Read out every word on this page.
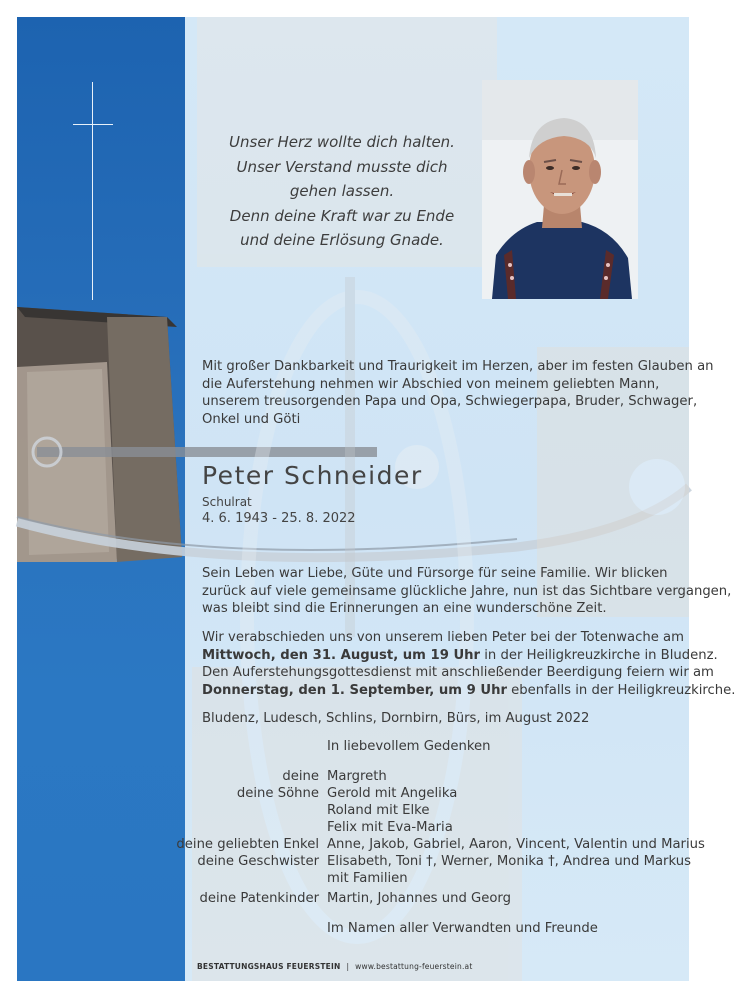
Unser Herz wollte dich halten.
Unser Verstand musste dich
gehen lassen.
Denn deine Kraft war zu Ende
und deine Erlösung Gnade.
Mit großer Dankbarkeit und Traurigkeit im Herzen, aber im festen Glauben an
die Auferstehung nehmen wir Abschied von meinem geliebten Mann,
unserem treusorgenden Papa und Opa, Schwiegerpapa, Bruder, Schwager,
Onkel und Göti
Peter Schneider
Schulrat
4. 6. 1943 - 25. 8. 2022
Sein Leben war Liebe, Güte und Fürsorge für seine Familie. Wir blicken
zurück auf viele gemeinsame glückliche Jahre, nun ist das Sichtbare vergangen,
was bleibt sind die Erinnerungen an eine wunderschöne Zeit.
Wir verabschieden uns von unserem lieben Peter bei der Totenwache am
Mittwoch, den 31. August, um 19 Uhr in der Heiligkreuzkirche in Bludenz.
Den Auferstehungsgottesdienst mit anschließender Beerdigung feiern wir am
Donnerstag, den 1. September, um 9 Uhr ebenfalls in der Heiligkreuzkirche.
Bludenz, Ludesch, Schlins, Dornbirn, Bürs, im August 2022
In liebevollem Gedenken
deine Margreth
deine Söhne Gerold mit Angelika
Roland mit Elke
Felix mit Eva-Maria
deine geliebten Enkel Anne, Jakob, Gabriel, Aaron, Vincent, Valentin und Marius
deine Geschwister Elisabeth, Toni †, Werner, Monika †, Andrea und Markus
mit Familien
deine Patenkinder Martin, Johannes und Georg
Im Namen aller Verwandten und Freunde
BESTATTUNGSHAUS FEUERSTEIN | www.bestattung-feuerstein.at
